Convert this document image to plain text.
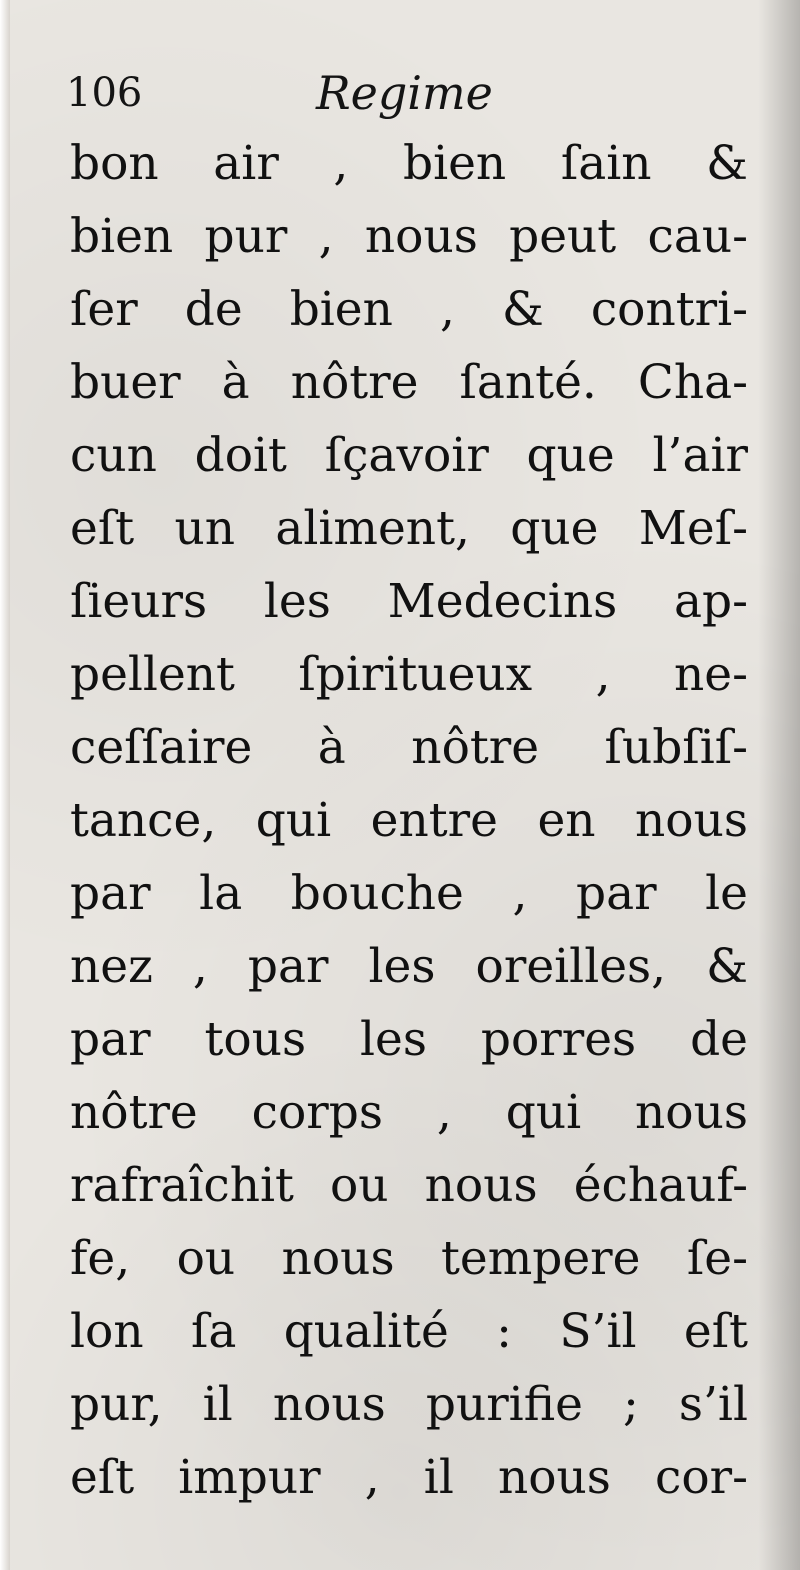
106	Regime
bon air , bien ſain &
bien pur , nous peut cau-
ſer de bien , & contri-
buer à nôtre ſanté. Cha-
cun doit ſçavoir que l’air
eſt un aliment, que Meſ-
ſieurs les Medecins ap-
pellent ſpiritueux , ne-
ceſſaire à nôtre ſubſiſ-
tance, qui entre en nous
par la bouche , par le
nez , par les oreilles, &
par tous les porres de
nôtre corps , qui nous
rafraîchit ou nous échauf-
fe, ou nous tempere ſe-
lon ſa qualité : S’il eſt
pur, il nous purifie ; s’il
eſt impur , il nous cor-
